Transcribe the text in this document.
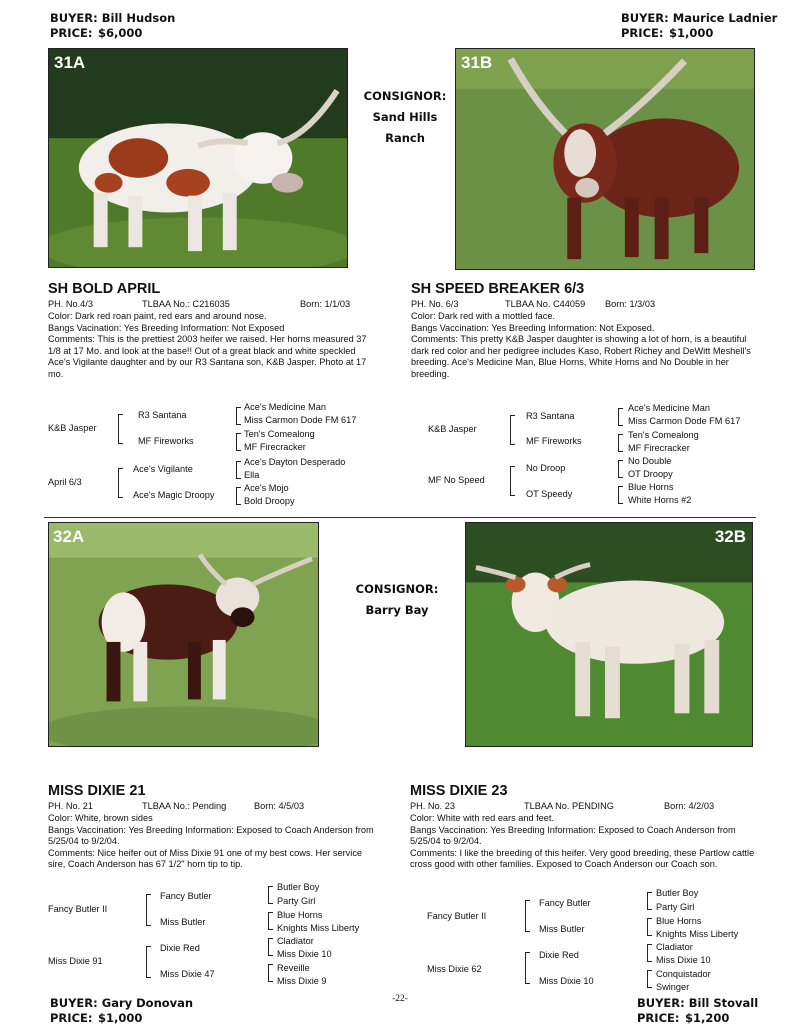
BUYER: Bill Hudson
PRICE: $6,000
BUYER: Maurice Ladnier
PRICE: $1,000
BUYER: Gary Donovan
PRICE: $1,000
BUYER: Bill Stovall
PRICE: $1,200
31A	31B
CONSIGNOR:
Sand Hills
Ranch
SH BOLD APRIL
PH. No.4/3	TLBAA No.: C216035	Born: 1/1/03

Color: Dark red roan paint, red ears and around nose.

Bangs Vacination: Yes Breeding Information: Not Exposed

Comments: This is the prettiest 2003 heifer we raised. Her horns measured 37 1/8 at 17 Mo. and look at the base!! Out of a great black and white speckled Ace's Vigilante daughter and by our R3 Santana son, K&B Jasper. Photo at 17 mo.

SH SPEED BREAKER 6/3
PH. No. 6/3	TLBAA No. C44059 Born: 1/3/03

Color: Dark red with a mottled face.

Bangs Vaccination: Yes Breeding Information: Not Exposed.

Comments: This pretty K&B Jasper daughter is showing a lot of horn, is a beautiful dark red color and her pedigree includes Kaso, Robert Richey and DeWitt Meshell's breeding. Ace's Medicine Man, Blue Horns, White Horns and No Double in her breeding.

K&B Jasper
April 6/3
R3 Santana
MF Fireworks
Ace's Vigilante
Ace's Magic Droopy
Ace's Medicine Man
Miss Carmon Dode FM 617
Ten's Comealong
MF Firecracker
Ace's Dayton Desperado
Ella
Ace's Mojo
Bold Droopy
K&B Jasper
MF No Speed
R3 Santana
MF Fireworks
No Droop
OT Speedy
Ace's Medicine Man
Miss Carmon Dode FM 617
Ten's Comealong
MF Firecracker
No Double
OT Droopy
Blue Horns
White Horns #2
32A	32B
CONSIGNOR:
Barry Bay
MISS DIXIE 21
PH. No. 21	TLBAA No.: Pending	Born: 4/5/03

Color: White, brown sides

Bangs Vaccination: Yes Breeding Information: Exposed to Coach Anderson from 5/25/04 to 9/2/04.

Comments: Nice heifer out of Miss Dixie 91 one of my best cows. Her service sire, Coach Anderson has 67 1/2" horn tip to tip.

MISS DIXIE 23
PH. No. 23	TLBAA No. PENDING	Born: 4/2/03

Color: White with red ears and feet.

Bangs Vaccination: Yes Breeding Information: Exposed to Coach Anderson from 5/25/04 to 9/2/04.

Comments: I like the breeding of this heifer. Very good breeding, these Partlow cattle cross good with other families. Exposed to Coach Anderson our Coach son.

Fancy Butler II
Miss Dixie 91
Fancy Butler
Miss Butler
Dixie Red
Miss Dixie 47
Butler Boy
Party Girl
Blue Horns
Knights Miss Liberty
Cladiator
Miss Dixie 10
Reveille
Miss Dixie 9
Fancy Butler II
Miss Dixie 62
Fancy Butler
Miss Butler
Dixie Red
Miss Dixie 10
Butler Boy
Party Girl
Blue Horns
Knights Miss Liberty
Cladiator
Miss Dixie 10
Conquistador
Swinger
-22-
